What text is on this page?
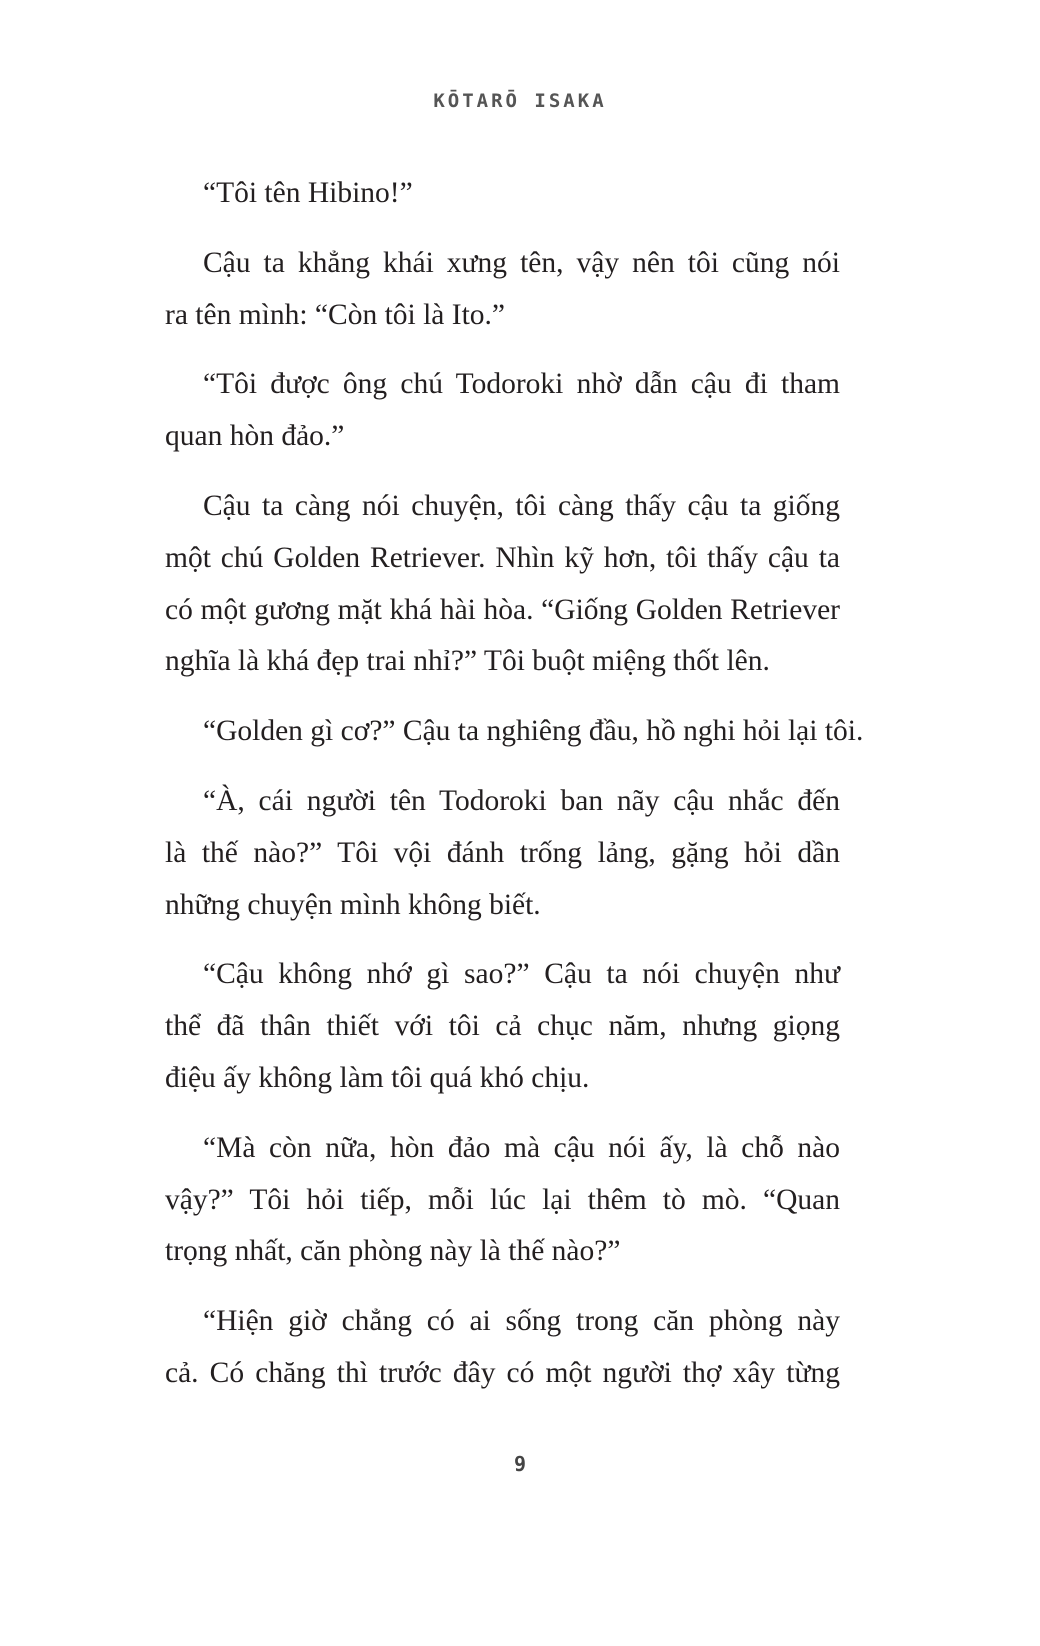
KŌTARŌ ISAKA
“Tôi tên Hibino!”
Cậu ta khẳng khái xưng tên, vậy nên tôi cũng nói
ra tên mình: “Còn tôi là Ito.”
“Tôi được ông chú Todoroki nhờ dẫn cậu đi tham
quan hòn đảo.”
Cậu ta càng nói chuyện, tôi càng thấy cậu ta giống
một chú Golden Retriever. Nhìn kỹ hơn, tôi thấy cậu ta
có một gương mặt khá hài hòa. “Giống Golden Retriever
nghĩa là khá đẹp trai nhỉ?” Tôi buột miệng thốt lên.
“Golden gì cơ?” Cậu ta nghiêng đầu, hồ nghi hỏi lại tôi.
“À, cái người tên Todoroki ban nãy cậu nhắc đến
là thế nào?” Tôi vội đánh trống lảng, gặng hỏi dần
những chuyện mình không biết.
“Cậu không nhớ gì sao?” Cậu ta nói chuyện như
thể đã thân thiết với tôi cả chục năm, nhưng giọng
điệu ấy không làm tôi quá khó chịu.
“Mà còn nữa, hòn đảo mà cậu nói ấy, là chỗ nào
vậy?” Tôi hỏi tiếp, mỗi lúc lại thêm tò mò. “Quan
trọng nhất, căn phòng này là thế nào?”
“Hiện giờ chẳng có ai sống trong căn phòng này
cả. Có chăng thì trước đây có một người thợ xây từng
9
